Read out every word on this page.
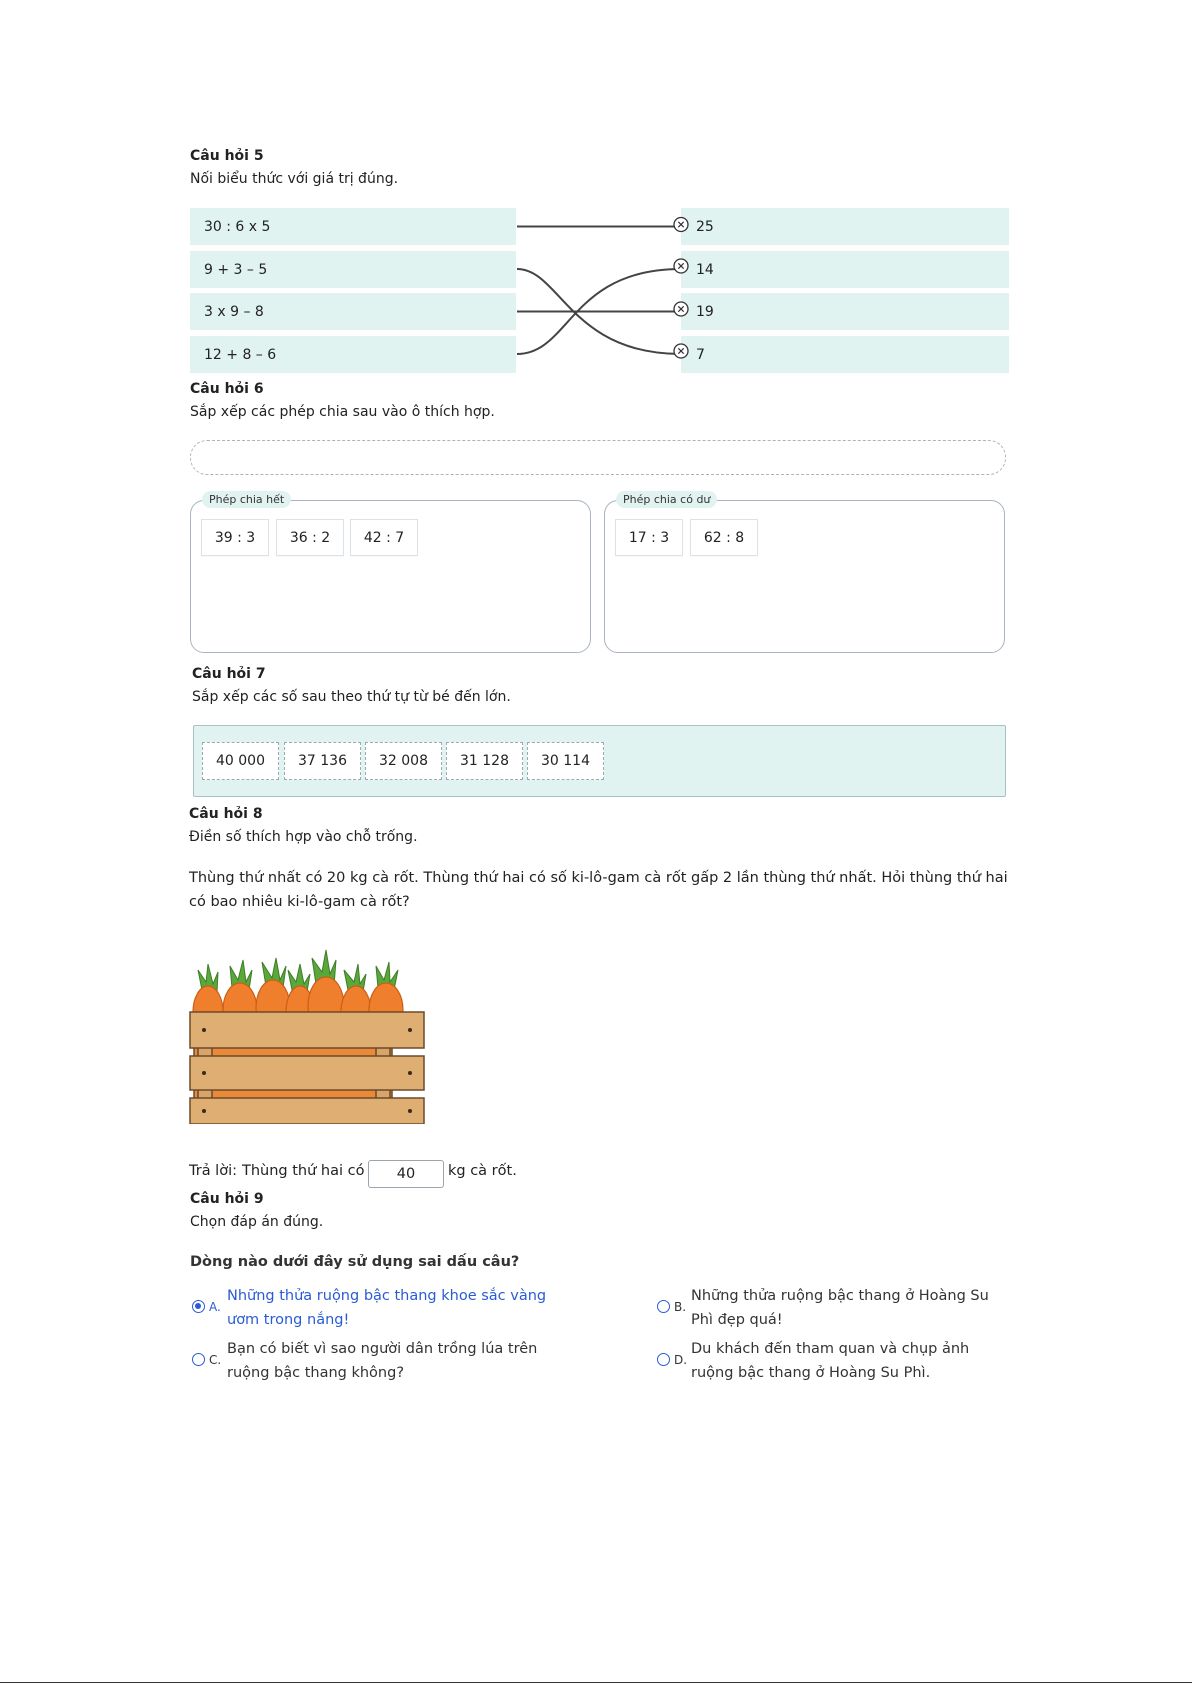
Câu hỏi 5
Nối biểu thức với giá trị đúng.
30 : 6 x 5
9 + 3 – 5
3 x 9 – 8
12 + 8 – 6
25
14
19
7
Câu hỏi 6
Sắp xếp các phép chia sau vào ô thích hợp.
Phép chia hết
39 : 3	36 : 2	42 : 7
Phép chia có dư
17 : 3	62 : 8
Câu hỏi 7
Sắp xếp các số sau theo thứ tự từ bé đến lớn.
40 000	37 136	32 008	31 128	30 114
Câu hỏi 8
Điền số thích hợp vào chỗ trống.
Thùng thứ nhất có 20 kg cà rốt. Thùng thứ hai có số ki-lô-gam cà rốt gấp 2 lần thùng thứ nhất. Hỏi thùng thứ hai có bao nhiêu ki-lô-gam cà rốt?
Trả lời: Thùng thứ hai có	40	kg cà rốt.
Câu hỏi 9
Chọn đáp án đúng.
Dòng nào dưới đây sử dụng sai dấu câu?
A.
Những thửa ruộng bậc thang khoe sắc vàng ươm trong nắng!
B.
Những thửa ruộng bậc thang ở Hoàng Su Phì đẹp quá!
C.
Bạn có biết vì sao người dân trồng lúa trên ruộng bậc thang không?
D.
Du khách đến tham quan và chụp ảnh ruộng bậc thang ở Hoàng Su Phì.
